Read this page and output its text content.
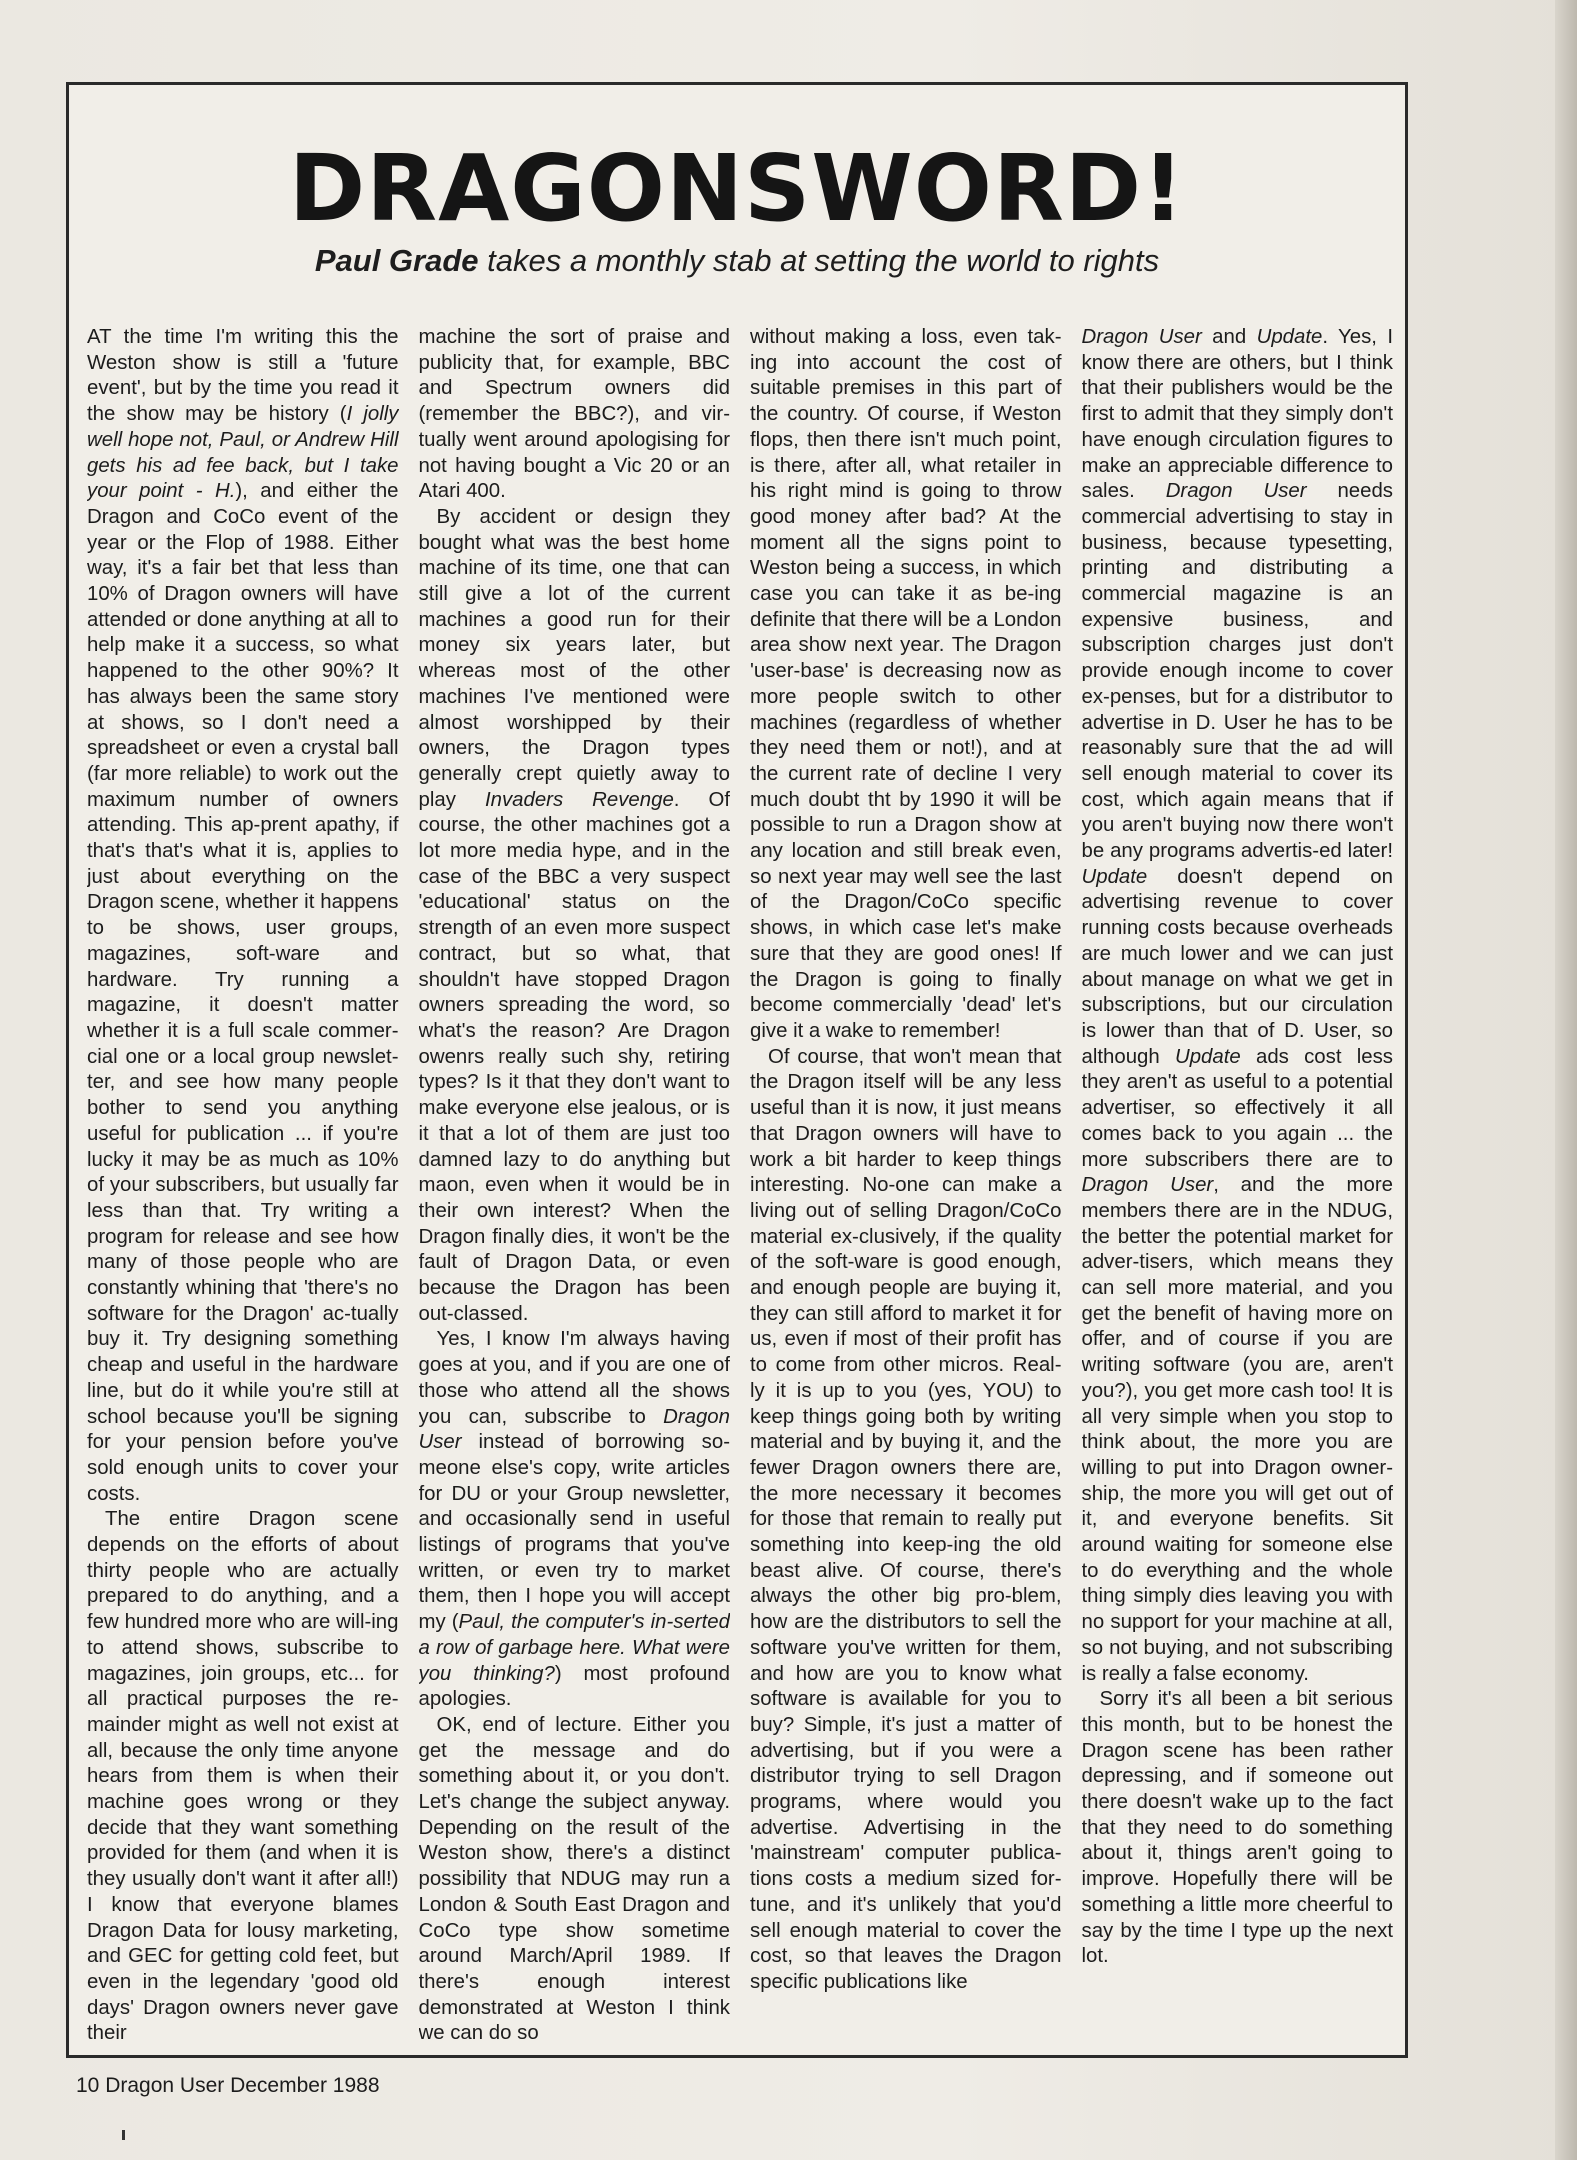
DRAGONSWORD!
Paul Grade takes a monthly stab at setting the world to rights

AT the time I'm writing this the Weston show is still a 'future event', but by the time you read it the show may be history (I jolly well hope not, Paul, or Andrew Hill gets his ad fee back, but I take your point - H.), and either the Dragon and CoCo event of the year or the Flop of 1988. Either way, it's a fair bet that less than 10% of Dragon owners will have attended or done anything at all to help make it a success, so what happened to the other 90%? It has always been the same story at shows, so I don't need a spreadsheet or even a crystal ball (far more reliable) to work out the maximum number of owners attending. This ap-prent apathy, if that's that's what it is, applies to just about everything on the Dragon scene, whether it happens to be shows, user groups, magazines, soft-ware and hardware. Try running a magazine, it doesn't matter whether it is a full scale commer-cial one or a local group newslet-ter, and see how many people bother to send you anything useful for publication ... if you're lucky it may be as much as 10% of your subscribers, but usually far less than that. Try writing a program for release and see how many of those people who are constantly whining that 'there's no software for the Dragon' ac-tually buy it. Try designing something cheap and useful in the hardware line, but do it while you're still at school because you'll be signing for your pension before you've sold enough units to cover your costs.

The entire Dragon scene depends on the efforts of about thirty people who are actually prepared to do anything, and a few hundred more who are will-ing to attend shows, subscribe to magazines, join groups, etc... for all practical purposes the re-mainder might as well not exist at all, because the only time anyone hears from them is when their machine goes wrong or they decide that they want something provided for them (and when it is they usually don't want it after all!) I know that everyone blames Dragon Data for lousy marketing, and GEC for getting cold feet, but even in the legendary 'good old days' Dragon owners never gave their

machine the sort of praise and publicity that, for example, BBC and Spectrum owners did (remember the BBC?), and vir-tually went around apologising for not having bought a Vic 20 or an Atari 400.

By accident or design they bought what was the best home machine of its time, one that can still give a lot of the current machines a good run for their money six years later, but whereas most of the other machines I've mentioned were almost worshipped by their owners, the Dragon types generally crept quietly away to play Invaders Revenge. Of course, the other machines got a lot more media hype, and in the case of the BBC a very suspect 'educational' status on the strength of an even more suspect contract, but so what, that shouldn't have stopped Dragon owners spreading the word, so what's the reason? Are Dragon owenrs really such shy, retiring types? Is it that they don't want to make everyone else jealous, or is it that a lot of them are just too damned lazy to do anything but maon, even when it would be in their own interest? When the Dragon finally dies, it won't be the fault of Dragon Data, or even because the Dragon has been out-classed.

Yes, I know I'm always having goes at you, and if you are one of those who attend all the shows you can, subscribe to Dragon User instead of borrowing so-meone else's copy, write articles for DU or your Group newsletter, and occasionally send in useful listings of programs that you've written, or even try to market them, then I hope you will accept my (Paul, the computer's in-serted a row of garbage here. What were you thinking?) most profound apologies.

OK, end of lecture. Either you get the message and do something about it, or you don't. Let's change the subject anyway. Depending on the result of the Weston show, there's a distinct possibility that NDUG may run a London & South East Dragon and CoCo type show sometime around March/April 1989. If there's enough interest demonstrated at Weston I think we can do so

without making a loss, even tak-ing into account the cost of suitable premises in this part of the country. Of course, if Weston flops, then there isn't much point, is there, after all, what retailer in his right mind is going to throw good money after bad? At the moment all the signs point to Weston being a success, in which case you can take it as be-ing definite that there will be a London area show next year. The Dragon 'user-base' is decreasing now as more people switch to other machines (regardless of whether they need them or not!), and at the current rate of decline I very much doubt tht by 1990 it will be possible to run a Dragon show at any location and still break even, so next year may well see the last of the Dragon/CoCo specific shows, in which case let's make sure that they are good ones! If the Dragon is going to finally become commercially 'dead' let's give it a wake to remember!

Of course, that won't mean that the Dragon itself will be any less useful than it is now, it just means that Dragon owners will have to work a bit harder to keep things interesting. No-one can make a living out of selling Dragon/CoCo material ex-clusively, if the quality of the soft-ware is good enough, and enough people are buying it, they can still afford to market it for us, even if most of their profit has to come from other micros. Real-ly it is up to you (yes, YOU) to keep things going both by writing material and by buying it, and the fewer Dragon owners there are, the more necessary it becomes for those that remain to really put something into keep-ing the old beast alive. Of course, there's always the other big pro-blem, how are the distributors to sell the software you've written for them, and how are you to know what software is available for you to buy? Simple, it's just a matter of advertising, but if you were a distributor trying to sell Dragon programs, where would you advertise. Advertising in the 'mainstream' computer publica-tions costs a medium sized for-tune, and it's unlikely that you'd sell enough material to cover the cost, so that leaves the Dragon specific publications like

Dragon User and Update. Yes, I know there are others, but I think that their publishers would be the first to admit that they simply don't have enough circulation figures to make an appreciable difference to sales. Dragon User needs commercial advertising to stay in business, because typesetting, printing and distributing a commercial magazine is an expensive business, and subscription charges just don't provide enough income to cover ex-penses, but for a distributor to advertise in D. User he has to be reasonably sure that the ad will sell enough material to cover its cost, which again means that if you aren't buying now there won't be any programs advertis-ed later! Update doesn't depend on advertising revenue to cover running costs because overheads are much lower and we can just about manage on what we get in subscriptions, but our circulation is lower than that of D. User, so although Update ads cost less they aren't as useful to a potential advertiser, so effectively it all comes back to you again ... the more subscribers there are to Dragon User, and the more members there are in the NDUG, the better the potential market for adver-tisers, which means they can sell more material, and you get the benefit of having more on offer, and of course if you are writing software (you are, aren't you?), you get more cash too! It is all very simple when you stop to think about, the more you are willing to put into Dragon owner-ship, the more you will get out of it, and everyone benefits. Sit around waiting for someone else to do everything and the whole thing simply dies leaving you with no support for your machine at all, so not buying, and not subscribing is really a false economy.

Sorry it's all been a bit serious this month, but to be honest the Dragon scene has been rather depressing, and if someone out there doesn't wake up to the fact that they need to do something about it, things aren't going to improve. Hopefully there will be something a little more cheerful to say by the time I type up the next lot.

10 Dragon User December 1988
